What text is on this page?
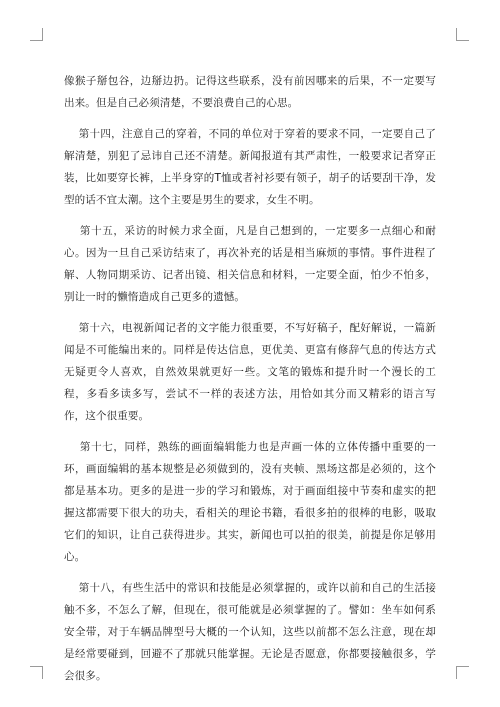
像猴子掰包谷，边掰边扔。记得这些联系，没有前因哪来的后果，不一定要写出来。但是自己必须清楚，不要浪费自己的心思。

第十四，注意自己的穿着，不同的单位对于穿着的要求不同，一定要自己了解清楚，别犯了忌讳自己还不清楚。新闻报道有其严肃性，一般要求记者穿正装，比如要穿长裤，上半身穿的T恤或者衬衫要有领子，胡子的话要刮干净，发型的话不宜太潮。这个主要是男生的要求，女生不明。

第十五，采访的时候力求全面，凡是自己想到的，一定要多一点细心和耐心。因为一旦自己采访结束了，再次补充的话是相当麻烦的事情。事件进程了解、人物同期采访、记者出镜、相关信息和材料，一定要全面，怕少不怕多，别让一时的懒惰造成自己更多的遗憾。

第十六，电视新闻记者的文字能力很重要，不写好稿子，配好解说，一篇新闻是不可能编出来的。同样是传达信息，更优美、更富有修辞气息的传达方式无疑更令人喜欢，自然效果就更好一些。文笔的锻炼和提升时一个漫长的工程，多看多读多写，尝试不一样的表述方法，用恰如其分而又精彩的语言写作，这个很重要。

第十七，同样，熟练的画面编辑能力也是声画一体的立体传播中重要的一环，画面编辑的基本规整是必须做到的，没有夹帧、黑场这都是必须的，这个都是基本功。更多的是进一步的学习和锻炼，对于画面组接中节奏和虚实的把握这都需要下很大的功夫，看相关的理论书籍，看很多拍的很棒的电影，吸取它们的知识，让自己获得进步。其实，新闻也可以拍的很美，前提是你足够用心。

第十八，有些生活中的常识和技能是必须掌握的，或许以前和自己的生活接触不多，不怎么了解，但现在，很可能就是必须掌握的了。譬如：坐车如何系安全带，对于车辆品牌型号大概的一个认知，这些以前都不怎么注意，现在却是经常要碰到，回避不了那就只能掌握。无论是否愿意，你都要接触很多，学会很多。
